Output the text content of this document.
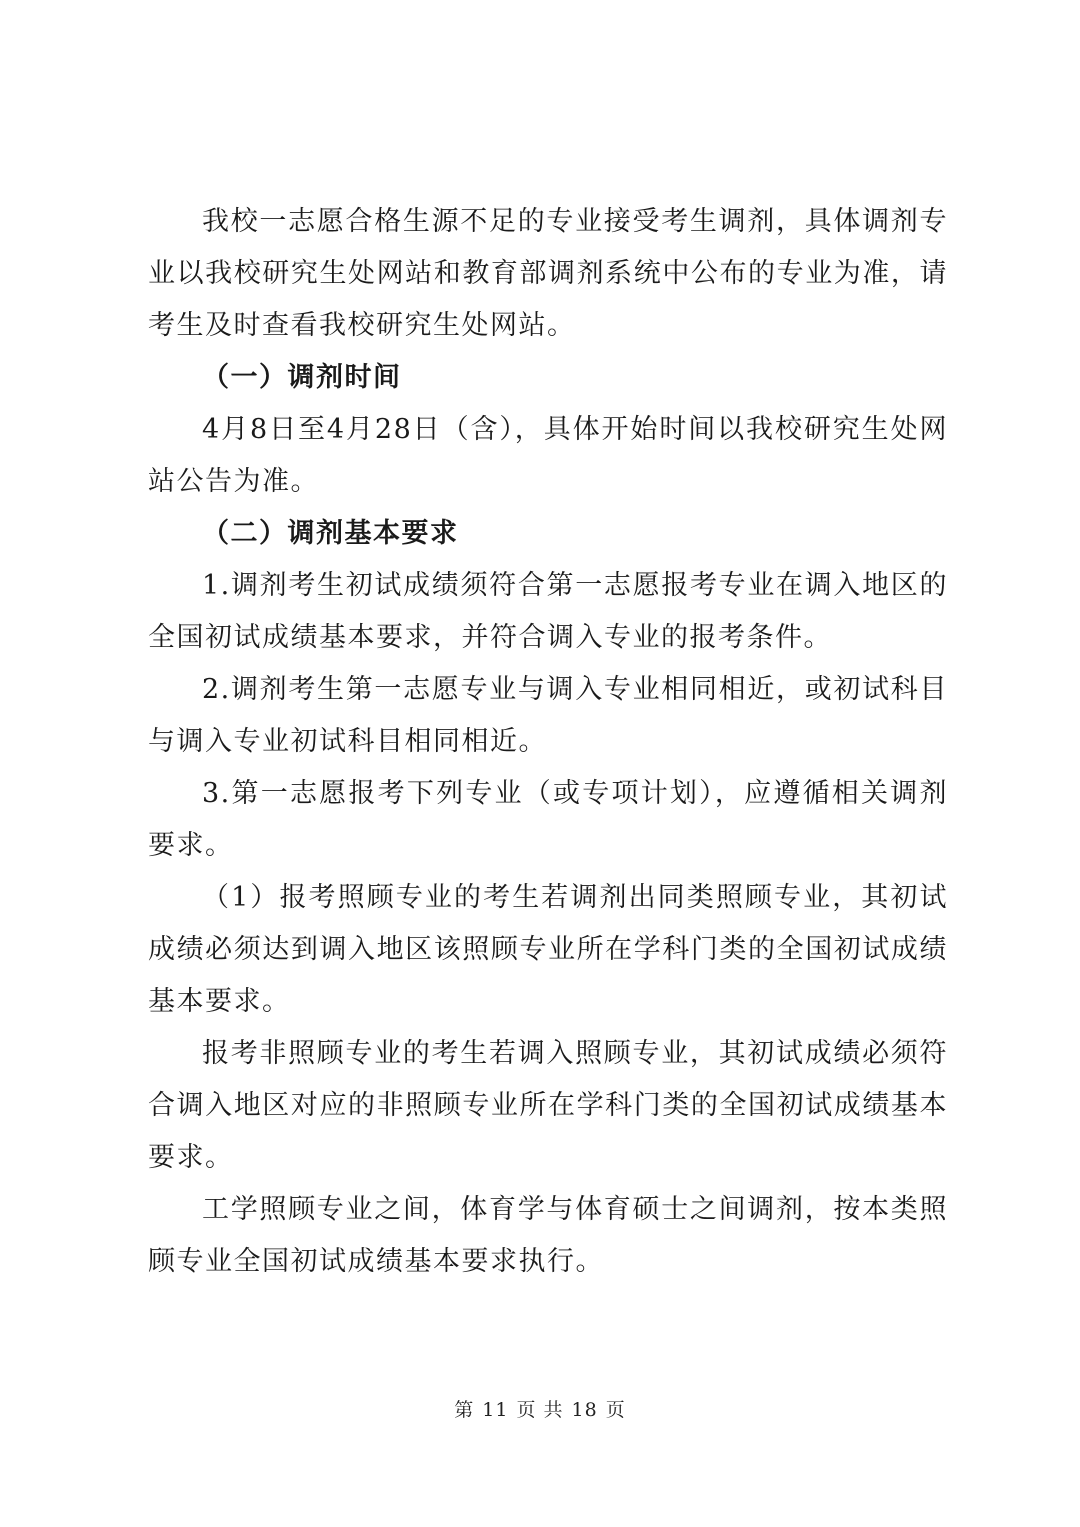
我校一志愿合格生源不足的专业接受考生调剂，具体调剂专业以我校研究生处网站和教育部调剂系统中公布的专业为准，请考生及时查看我校研究生处网站。

（一）调剂时间

4月8日至4月28日（含），具体开始时间以我校研究生处网站公告为准。

（二）调剂基本要求

1.调剂考生初试成绩须符合第一志愿报考专业在调入地区的全国初试成绩基本要求，并符合调入专业的报考条件。

2.调剂考生第一志愿专业与调入专业相同相近，或初试科目与调入专业初试科目相同相近。

3.第一志愿报考下列专业（或专项计划），应遵循相关调剂要求。

（1）报考照顾专业的考生若调剂出同类照顾专业，其初试成绩必须达到调入地区该照顾专业所在学科门类的全国初试成绩基本要求。

报考非照顾专业的考生若调入照顾专业，其初试成绩必须符合调入地区对应的非照顾专业所在学科门类的全国初试成绩基本要求。

工学照顾专业之间，体育学与体育硕士之间调剂，按本类照顾专业全国初试成绩基本要求执行。

第 11 页 共 18 页
